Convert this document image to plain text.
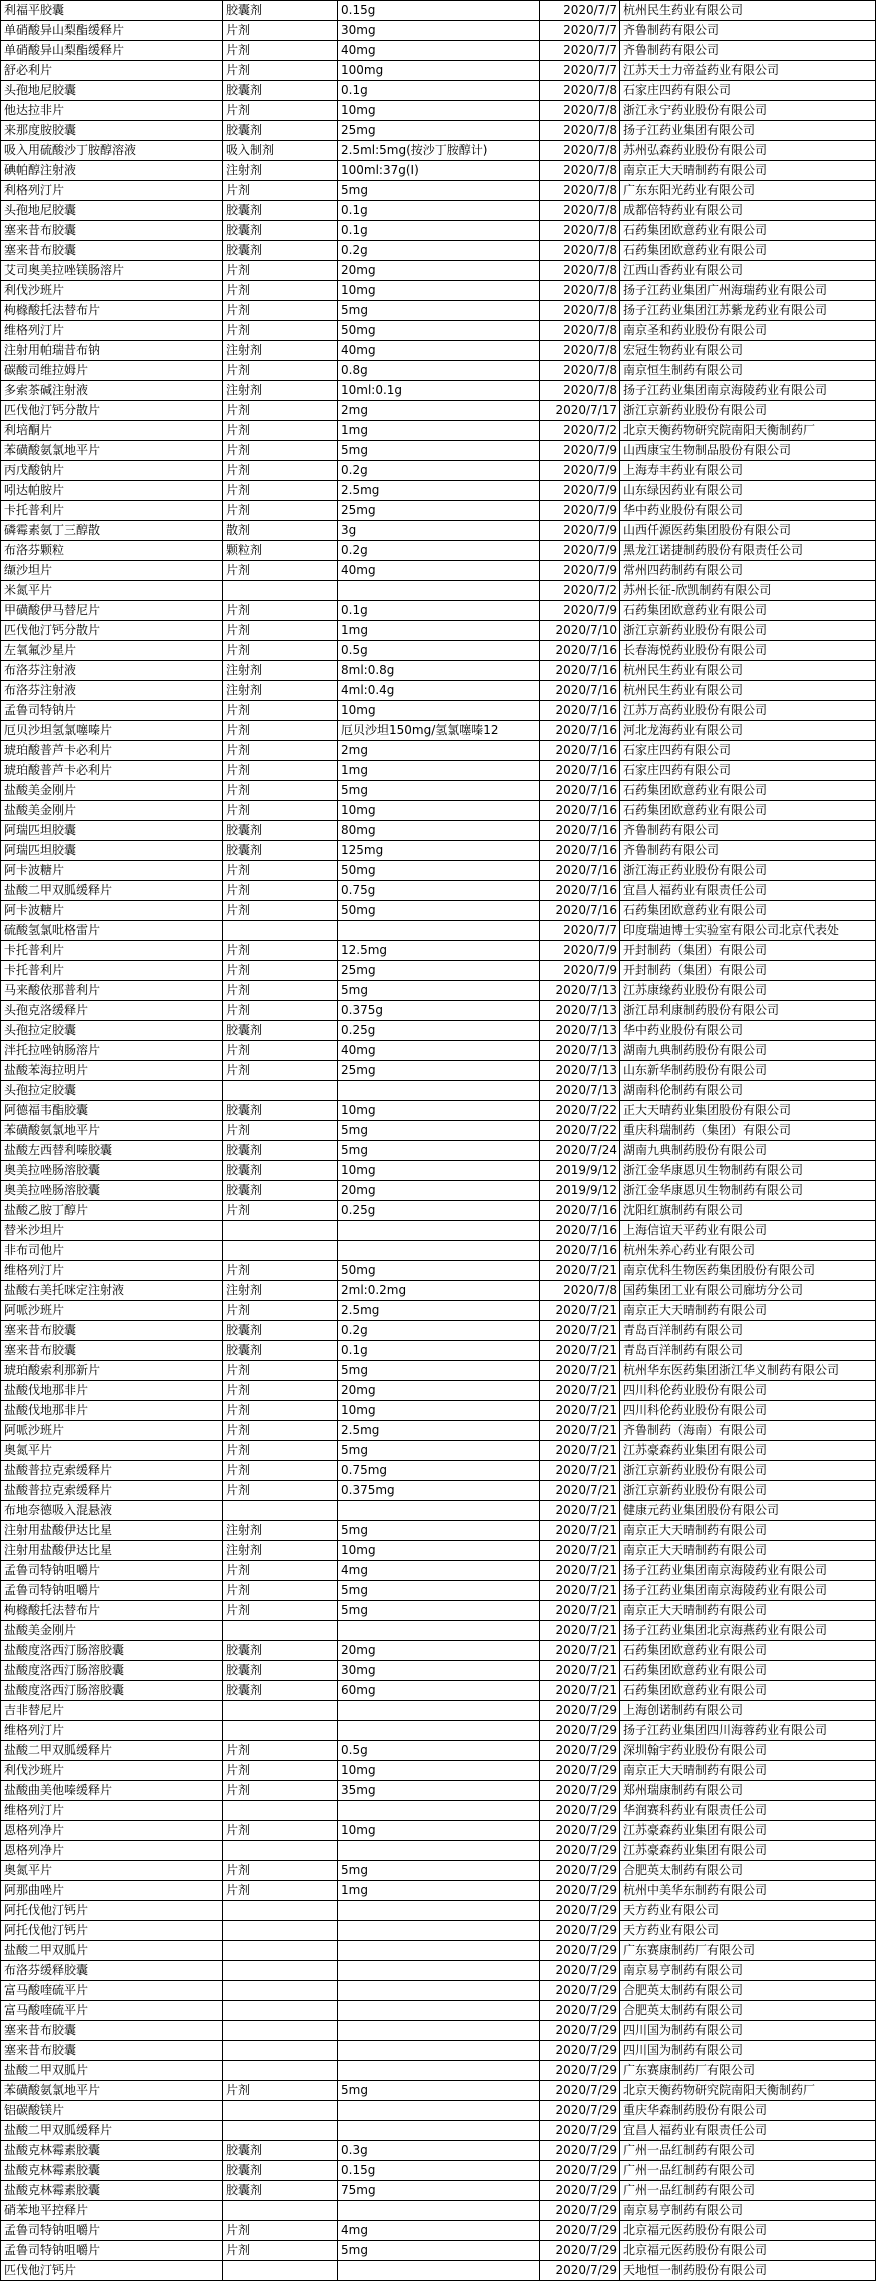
利福平胶囊	胶囊剂	0.15g	2020/7/7	杭州民生药业有限公司
单硝酸异山梨酯缓释片	片剂	30mg	2020/7/7	齐鲁制药有限公司
单硝酸异山梨酯缓释片	片剂	40mg	2020/7/7	齐鲁制药有限公司
舒必利片	片剂	100mg	2020/7/7	江苏天士力帝益药业有限公司
头孢地尼胶囊	胶囊剂	0.1g	2020/7/8	石家庄四药有限公司
他达拉非片	片剂	10mg	2020/7/8	浙江永宁药业股份有限公司
来那度胺胶囊	胶囊剂	25mg	2020/7/8	扬子江药业集团有限公司
吸入用硫酸沙丁胺醇溶液	吸入制剂	2.5ml:5mg(按沙丁胺醇计)	2020/7/8	苏州弘森药业股份有限公司
碘帕醇注射液	注射剂	100ml:37g(I)	2020/7/8	南京正大天晴制药有限公司
利格列汀片	片剂	5mg	2020/7/8	广东东阳光药业有限公司
头孢地尼胶囊	胶囊剂	0.1g	2020/7/8	成都倍特药业有限公司
塞来昔布胶囊	胶囊剂	0.1g	2020/7/8	石药集团欧意药业有限公司
塞来昔布胶囊	胶囊剂	0.2g	2020/7/8	石药集团欧意药业有限公司
艾司奥美拉唑镁肠溶片	片剂	20mg	2020/7/8	江西山香药业有限公司
利伐沙班片	片剂	10mg	2020/7/8	扬子江药业集团广州海瑞药业有限公司
枸橼酸托法替布片	片剂	5mg	2020/7/8	扬子江药业集团江苏紫龙药业有限公司
维格列汀片	片剂	50mg	2020/7/8	南京圣和药业股份有限公司
注射用帕瑞昔布钠	注射剂	40mg	2020/7/8	宏冠生物药业有限公司
碳酸司维拉姆片	片剂	0.8g	2020/7/8	南京恒生制药有限公司
多索茶碱注射液	注射剂	10ml:0.1g	2020/7/8	扬子江药业集团南京海陵药业有限公司
匹伐他汀钙分散片	片剂	2mg	2020/7/17	浙江京新药业股份有限公司
利培酮片	片剂	1mg	2020/7/2	北京天衡药物研究院南阳天衡制药厂
苯磺酸氨氯地平片	片剂	5mg	2020/7/9	山西康宝生物制品股份有限公司
丙戊酸钠片	片剂	0.2g	2020/7/9	上海寿丰药业有限公司
吲达帕胺片	片剂	2.5mg	2020/7/9	山东绿因药业有限公司
卡托普利片	片剂	25mg	2020/7/9	华中药业股份有限公司
磷霉素氨丁三醇散	散剂	3g	2020/7/9	山西仟源医药集团股份有限公司
布洛芬颗粒	颗粒剂	0.2g	2020/7/9	黑龙江诺捷制药股份有限责任公司
缬沙坦片	片剂	40mg	2020/7/9	常州四药制药有限公司
米氮平片			2020/7/2	苏州长征-欣凯制药有限公司
甲磺酸伊马替尼片	片剂	0.1g	2020/7/9	石药集团欧意药业有限公司
匹伐他汀钙分散片	片剂	1mg	2020/7/10	浙江京新药业股份有限公司
左氧氟沙星片	片剂	0.5g	2020/7/16	长春海悦药业股份有限公司
布洛芬注射液	注射剂	8ml:0.8g	2020/7/16	杭州民生药业有限公司
布洛芬注射液	注射剂	4ml:0.4g	2020/7/16	杭州民生药业有限公司
孟鲁司特钠片	片剂	10mg	2020/7/16	江苏万高药业股份有限公司
厄贝沙坦氢氯噻嗪片	片剂	厄贝沙坦150mg/氢氯噻嗪12	2020/7/16	河北龙海药业有限公司
琥珀酸普芦卡必利片	片剂	2mg	2020/7/16	石家庄四药有限公司
琥珀酸普芦卡必利片	片剂	1mg	2020/7/16	石家庄四药有限公司
盐酸美金刚片	片剂	5mg	2020/7/16	石药集团欧意药业有限公司
盐酸美金刚片	片剂	10mg	2020/7/16	石药集团欧意药业有限公司
阿瑞匹坦胶囊	胶囊剂	80mg	2020/7/16	齐鲁制药有限公司
阿瑞匹坦胶囊	胶囊剂	125mg	2020/7/16	齐鲁制药有限公司
阿卡波糖片	片剂	50mg	2020/7/16	浙江海正药业股份有限公司
盐酸二甲双胍缓释片	片剂	0.75g	2020/7/16	宜昌人福药业有限责任公司
阿卡波糖片	片剂	50mg	2020/7/16	石药集团欧意药业有限公司
硫酸氢氯吡格雷片			2020/7/7	印度瑞迪博士实验室有限公司北京代表处
卡托普利片	片剂	12.5mg	2020/7/9	开封制药（集团）有限公司
卡托普利片	片剂	25mg	2020/7/9	开封制药（集团）有限公司
马来酸依那普利片	片剂	5mg	2020/7/13	江苏康缘药业股份有限公司
头孢克洛缓释片	片剂	0.375g	2020/7/13	浙江昂利康制药股份有限公司
头孢拉定胶囊	胶囊剂	0.25g	2020/7/13	华中药业股份有限公司
泮托拉唑钠肠溶片	片剂	40mg	2020/7/13	湖南九典制药股份有限公司
盐酸苯海拉明片	片剂	25mg	2020/7/13	山东新华制药股份有限公司
头孢拉定胶囊			2020/7/13	湖南科伦制药有限公司
阿德福韦酯胶囊	胶囊剂	10mg	2020/7/22	正大天晴药业集团股份有限公司
苯磺酸氨氯地平片	片剂	5mg	2020/7/22	重庆科瑞制药（集团）有限公司
盐酸左西替利嗪胶囊	胶囊剂	5mg	2020/7/24	湖南九典制药股份有限公司
奥美拉唑肠溶胶囊	胶囊剂	10mg	2019/9/12	浙江金华康恩贝生物制药有限公司
奥美拉唑肠溶胶囊	胶囊剂	20mg	2019/9/12	浙江金华康恩贝生物制药有限公司
盐酸乙胺丁醇片	片剂	0.25g	2020/7/16	沈阳红旗制药有限公司
替米沙坦片			2020/7/16	上海信谊天平药业有限公司
非布司他片			2020/7/16	杭州朱养心药业有限公司
维格列汀片	片剂	50mg	2020/7/21	南京优科生物医药集团股份有限公司
盐酸右美托咪定注射液	注射剂	2ml:0.2mg	2020/7/8	国药集团工业有限公司廊坊分公司
阿哌沙班片	片剂	2.5mg	2020/7/21	南京正大天晴制药有限公司
塞来昔布胶囊	胶囊剂	0.2g	2020/7/21	青岛百洋制药有限公司
塞来昔布胶囊	胶囊剂	0.1g	2020/7/21	青岛百洋制药有限公司
琥珀酸索利那新片	片剂	5mg	2020/7/21	杭州华东医药集团浙江华义制药有限公司
盐酸伐地那非片	片剂	20mg	2020/7/21	四川科伦药业股份有限公司
盐酸伐地那非片	片剂	10mg	2020/7/21	四川科伦药业股份有限公司
阿哌沙班片	片剂	2.5mg	2020/7/21	齐鲁制药（海南）有限公司
奥氮平片	片剂	5mg	2020/7/21	江苏豪森药业集团有限公司
盐酸普拉克索缓释片	片剂	0.75mg	2020/7/21	浙江京新药业股份有限公司
盐酸普拉克索缓释片	片剂	0.375mg	2020/7/21	浙江京新药业股份有限公司
布地奈德吸入混悬液			2020/7/21	健康元药业集团股份有限公司
注射用盐酸伊达比星	注射剂	5mg	2020/7/21	南京正大天晴制药有限公司
注射用盐酸伊达比星	注射剂	10mg	2020/7/21	南京正大天晴制药有限公司
孟鲁司特钠咀嚼片	片剂	4mg	2020/7/21	扬子江药业集团南京海陵药业有限公司
孟鲁司特钠咀嚼片	片剂	5mg	2020/7/21	扬子江药业集团南京海陵药业有限公司
枸橼酸托法替布片	片剂	5mg	2020/7/21	南京正大天晴制药有限公司
盐酸美金刚片			2020/7/21	扬子江药业集团北京海燕药业有限公司
盐酸度洛西汀肠溶胶囊	胶囊剂	20mg	2020/7/21	石药集团欧意药业有限公司
盐酸度洛西汀肠溶胶囊	胶囊剂	30mg	2020/7/21	石药集团欧意药业有限公司
盐酸度洛西汀肠溶胶囊	胶囊剂	60mg	2020/7/21	石药集团欧意药业有限公司
吉非替尼片			2020/7/29	上海创诺制药有限公司
维格列汀片			2020/7/29	扬子江药业集团四川海蓉药业有限公司
盐酸二甲双胍缓释片	片剂	0.5g	2020/7/29	深圳翰宇药业股份有限公司
利伐沙班片	片剂	10mg	2020/7/29	南京正大天晴制药有限公司
盐酸曲美他嗪缓释片	片剂	35mg	2020/7/29	郑州瑞康制药有限公司
维格列汀片			2020/7/29	华润赛科药业有限责任公司
恩格列净片	片剂	10mg	2020/7/29	江苏豪森药业集团有限公司
恩格列净片			2020/7/29	江苏豪森药业集团有限公司
奥氮平片	片剂	5mg	2020/7/29	合肥英太制药有限公司
阿那曲唑片	片剂	1mg	2020/7/29	杭州中美华东制药有限公司
阿托伐他汀钙片			2020/7/29	天方药业有限公司
阿托伐他汀钙片			2020/7/29	天方药业有限公司
盐酸二甲双胍片			2020/7/29	广东赛康制药厂有限公司
布洛芬缓释胶囊			2020/7/29	南京易亨制药有限公司
富马酸喹硫平片			2020/7/29	合肥英太制药有限公司
富马酸喹硫平片			2020/7/29	合肥英太制药有限公司
塞来昔布胶囊			2020/7/29	四川国为制药有限公司
塞来昔布胶囊			2020/7/29	四川国为制药有限公司
盐酸二甲双胍片			2020/7/29	广东赛康制药厂有限公司
苯磺酸氨氯地平片	片剂	5mg	2020/7/29	北京天衡药物研究院南阳天衡制药厂
铝碳酸镁片			2020/7/29	重庆华森制药股份有限公司
盐酸二甲双胍缓释片			2020/7/29	宜昌人福药业有限责任公司
盐酸克林霉素胶囊	胶囊剂	0.3g	2020/7/29	广州一品红制药有限公司
盐酸克林霉素胶囊	胶囊剂	0.15g	2020/7/29	广州一品红制药有限公司
盐酸克林霉素胶囊	胶囊剂	75mg	2020/7/29	广州一品红制药有限公司
硝苯地平控释片			2020/7/29	南京易亨制药有限公司
孟鲁司特钠咀嚼片	片剂	4mg	2020/7/29	北京福元医药股份有限公司
孟鲁司特钠咀嚼片	片剂	5mg	2020/7/29	北京福元医药股份有限公司
匹伐他汀钙片			2020/7/29	天地恒一制药股份有限公司
